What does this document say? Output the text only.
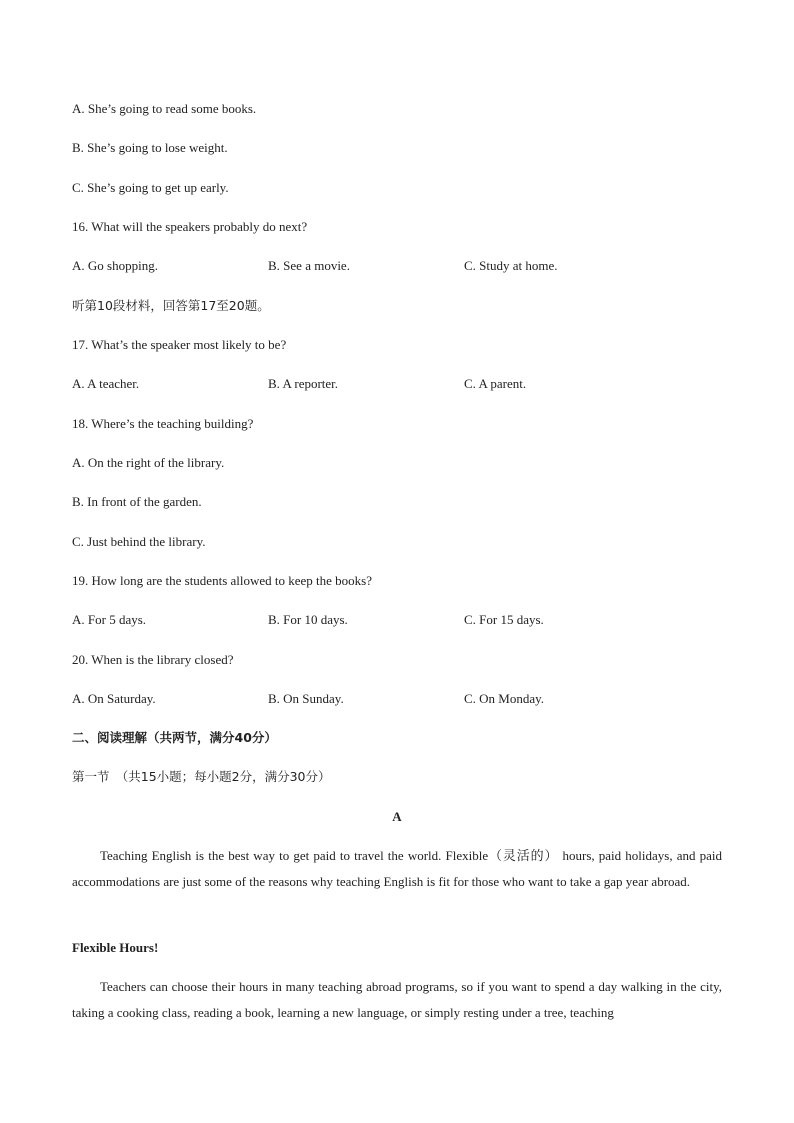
A. She’s going to read some books.
B. She’s going to lose weight.
C. She’s going to get up early.
16. What will the speakers probably do next?
A. Go shopping.	B. See a movie.	C. Study at home.
听第10段材料，回答第17至20题。
17. What’s the speaker most likely to be?
A. A teacher.	B. A reporter.	C. A parent.
18. Where’s the teaching building?
A. On the right of the library.
B. In front of the garden.
C. Just behind the library.
19. How long are the students allowed to keep the books?
A. For 5 days.	B. For 10 days.	C. For 15 days.
20. When is the library closed?
A. On Saturday.	B. On Sunday.	C. On Monday.
二、阅读理解（共两节，满分40分）
第一节　（共15小题；每小题2分，满分30分）
A
Teaching English is the best way to get paid to travel the world. Flexible（灵活的） hours, paid holidays, and paid accommodations are just some of the reasons why teaching English is fit for those who want to take a gap year abroad.
Flexible Hours!
Teachers can choose their hours in many teaching abroad programs, so if you want to spend a day walking in the city, taking a cooking class, reading a book, learning a new language, or simply resting under a tree, teaching
